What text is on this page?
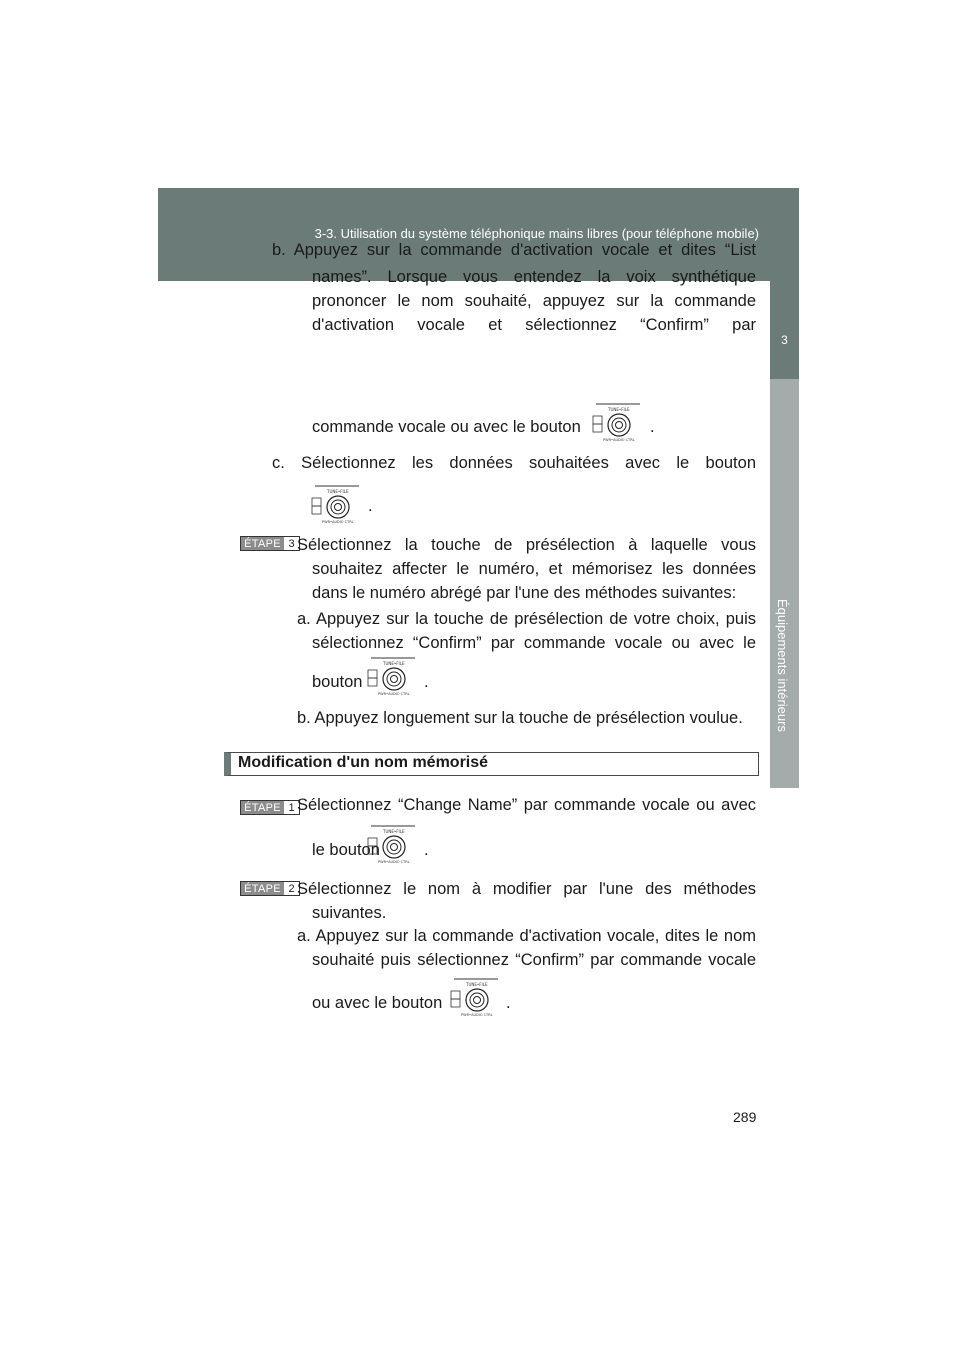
3-3. Utilisation du système téléphonique mains libres (pour téléphone mobile)
3
Équipements intérieurs
b. Appuyez sur la commande d'activation vocale et dites “List
names”. Lorsque vous entendez la voix synthétique prononcer le nom souhaité, appuyez sur la commande d'activation vocale et sélectionnez “Confirm” par
commande vocale ou avec le bouton
TUNE•FILE
PWR•AUDIO CTRL
.
c. Sélectionnez les données souhaitées avec le bouton
TUNE•FILE
PWR•AUDIO CTRL
.
ÉTAPE 3 Sélectionnez la touche de présélection à laquelle vous souhaitez affecter le numéro, et mémorisez les données dans le numéro abrégé par l'une des méthodes suivantes:
a. Appuyez sur la touche de présélection de votre choix, puis
sélectionnez “Confirm” par commande vocale ou avec le
bouton
TUNE•FILE
PWR•AUDIO CTRL
.
b. Appuyez longuement sur la touche de présélection voulue.
Modification d'un nom mémorisé
ÉTAPE 1 Sélectionnez “Change Name” par commande vocale ou avec
le bouton
TUNE•FILE
PWR•AUDIO CTRL
.
ÉTAPE 2 Sélectionnez le nom à modifier par l'une des méthodes suivantes.
a. Appuyez sur la commande d'activation vocale, dites le nom
souhaité puis sélectionnez “Confirm” par commande vocale
ou avec le bouton
TUNE•FILE
PWR•AUDIO CTRL
.
289
